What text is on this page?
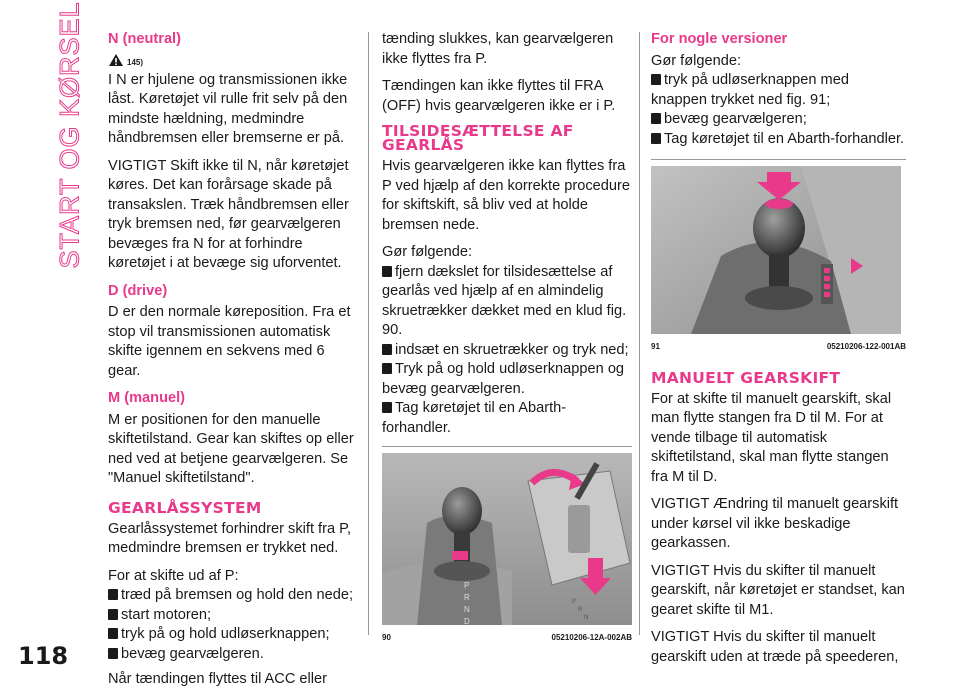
START OG KØRSEL N (neutral)
145)

I N er hjulene og transmissionen ikke låst. Køretøjet vil rulle frit selv på den mindste hældning, medmindre håndbremsen eller bremserne er på.

VIGTIGT Skift ikke til N, når køretøjet køres. Det kan forårsage skade på transakslen. Træk håndbremsen eller tryk bremsen ned, før gearvælgeren bevæges fra N for at forhindre køretøjet i at bevæge sig uforventet.

D (drive)

D er den normale køreposition. Fra et stop vil transmissionen automatisk skifte igennem en sekvens med 6 gear.

M (manuel)

M er positionen for den manuelle skiftetilstand. Gear kan skiftes op eller ned ved at betjene gearvælgeren. Se "Manuel skiftetilstand".

GEARLÅSSYSTEM

Gearlåssystemet forhindrer skift fra P, medmindre bremsen er trykket ned.

For at skifte ud af P:

træd på bremsen og hold den nede;
start motoren;
tryk på og hold udløserknappen;
bevæg gearvælgeren.

Når tændingen flyttes til ACC eller

tænding slukkes, kan gearvælgeren ikke flyttes fra P.

Tændingen kan ikke flyttes til FRA (OFF) hvis gearvælgeren ikke er i P.

TILSIDESÆTTELSE AF
GEARLÅS

Hvis gearvælgeren ikke kan flyttes fra P ved hjælp af den korrekte procedure for skiftskift, så bliv ved at holde bremsen nede.

Gør følgende:

fjern dækslet for tilsidesættelse af gearlås ved hjælp af en almindelig skruetrækker dækket med en klud fig. 90.
indsæt en skruetrækker og tryk ned;
Tryk på og hold udløserknappen og bevæg gearvælgeren.
Tag køretøjet til en Abarth-forhandler.
P
R
N
D
P
R
N
90	05210206-12A-002AB
For nogle versioner

Gør følgende:

tryk på udløserknappen med knappen trykket ned fig. 91;
bevæg gearvælgeren;
Tag køretøjet til en Abarth-forhandler.
91	05210206-122-001AB
MANUELT GEARSKIFT

For at skifte til manuelt gearskift, skal man flytte stangen fra D til M. For at vende tilbage til automatisk skiftetilstand, skal man flytte stangen fra M til D.

VIGTIGT Ændring til manuelt gearskift under kørsel vil ikke beskadige gearkassen.

VIGTIGT Hvis du skifter til manuelt gearskift, når køretøjet er standset, kan gearet skifte til M1.

VIGTIGT Hvis du skifter til manuelt gearskift uden at træde på speederen,

118
